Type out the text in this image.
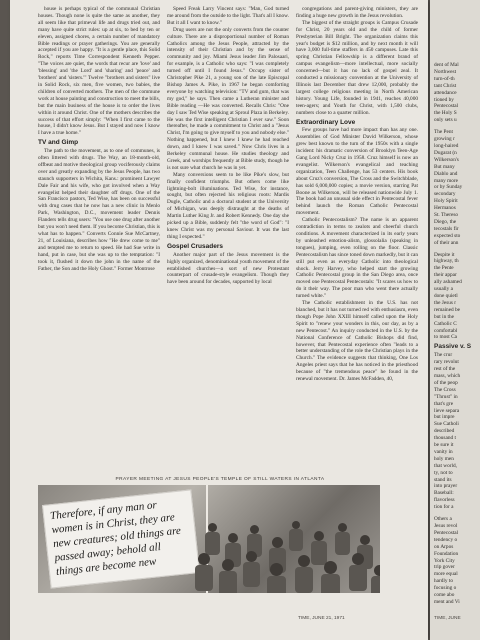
house is perhaps typical of the communal Christian houses. Though none is quite the same as another, they all seem like that primeval life and drugs tried out, and many have quite strict rules: up at six, to bed by ten or eleven, assigned chores, a certain number of mandatory Bible readings or prayer gatherings. You are generally accepted if you are happy. "It is a gentle place, this Solid Rock," reports Time Correspondent Kenneth Pepper. "The voices are quiet, the words that recur are 'love' and 'blessing' and 'the Lord' and 'sharing' and 'peace' and 'brothers' and 'sisters.'" Twelve "brothers and sisters" live in Solid Rock, six men, five women, two babies, the children of converted mothers. The men of the commune work at house painting and construction to meet the bills, but the main business of the house is to order the lives within it around Christ. One of the mothers describes the success of that effort simply: "When I first came to the house, I didn't know Jesus. But I stayed and now I know I have a true home."

TV and Gimp

The path to the movement, as to one of communes, is often littered with drugs. The Way, an 18-month-old, offbeat and motive theological group vociferously claims over and greatly expanding by the Jesus People, has two staunch supporters in Wichita, Kans.: prominent Lawyer Dale Fair and his wife, who got involved when a Way evangelist helped their daughter off drugs. One of the San Francisco pastors, Ted Wise, has been on successful with drug cases that he now has a new clinic in Menlo Park, Washington, D.C., movement leader Dennis Flanders tells drug users: "You use one drug after another but you won't need them. If you become Christian, this is what has to happen." Converts Connie Sue McCartney, 21, of Louisiana, describes how "He drew come to me" and tempted me to return to speed. He had Sue write in hand, put in case, but she was up to the temptation: "I took it, flushed it down the john in the name of the Father, the Son and the Holy Ghost." Former Montrose

Speed Freak Larry Vincent says: "Man, God turned me around from the outside to the light. That's all I know. But it all I want to know."

Drug users are not the only converts from the counter culture. There are a disproportional number of Roman Catholics among the Jesus People, attracted by the intensity of their Christian and by the sense of community and joy. Miami Jesus leader Jim Palosaari, for example, is a Catholic who says: "I was completely turned off until I found Jesus." Occupy sister of Christopher Pike 21, a young son of the late Episcopal Bishop James A. Pike, in 1967 he began comforting everyone by watching television: "TV and gum, that was my god," he says. Then came a Lutheran minister and Bible reading —He was converted. Recalls Chris: "One day I saw Ted Wise speaking at Sproul Plaza in Berkeley. He was the first intelligent Christian I ever saw." Soon thereafter, he made a commitment to Christ and a "Jesus Christ, I'm going to give myself to you and nobody else." Nothing happened, but I knew I knew he had reached down, and I knew I was saved." Now Chris lives in a Berkeley communal house. He studies theology and Greek, and worships frequently at Bible study, though he is not sure what church he was in yet.

Many conversions seem to be like Pike's slow, but finally confident triumphs. But others come like lightning-bolt illuminations. Ted Wise, for instance, sought, but often rejected his religious roots: Mardis Dugle, Catholic and a doctoral student at the University of Michigan, was deeply distraught at the deaths of Martin Luther King Jr. and Robert Kennedy. One day she picked up a Bible, suddenly felt "the word of God": "I knew Christ was my personal Saviour. It was the last thing I expected."

Gospel Crusaders

Another major part of the Jesus movement is the highly organized, denominational youth movement of the established churches—a sort of new Protestant counterpart of crusade-style evangelism. Though they have been around for decades, supported by local

congregations and parent-giving ministers, they are finding a huge new growth in the Jesus revolution.

The biggest of the straight groups is Campus Crusade for Christ, 20 years old and the child of former Presbyterian Bill Bright. The organization claims this year's budget is $12 million, and by next month it will have 3,000 full-time staffers in 450 campuses. Late this spring Christian Fellowship is a different brand of campus evangelism—more intellectual, more socially concerned—but it has no lack of gospel zeal. It conducted a missionary convention at the University of Illinois last December that drew 12,000, probably the largest college religious meeting in North American history. Young Life, founded in 1941, reaches 40,000 teen-agers; and Youth for Christ, with 1,500 clubs, numbers close to a quarter million.

Extraordinary Love

Few groups have had more impact than has any one. Assemblies of God Minister David Wilkerson, whose grew best known to the turn of the 1950s with a single incident: his dramatic conversion of Brooklyn Teen-Age Gang Lord Nicky Cruz in 1958. Cruz himself is now an evangelist. Wilkerson's evangelical and teaching organization, Teen Challenge, has 53 centers. His book about Cruz's conversion, The Cross and the Switchblade, has sold 6,000,000 copies; a movie version, starring Pat Boone as Wilkerson, will be released nationwide July 1. The book had an unusual side effect in Pentecostal fever behind launch the Roman Catholic Pentecostal movement.

Catholic Pentecostalism? The name is an apparent contradiction in terms to zealots and cheerful church conditions. A movement characterized in its early years by unleashed emotion-alism, glossolalia (speaking in tongues), jumping, even rolling on the floor. Classic Pentecostalism has since toned down markedly, but it can still put even as everyday Catholic into theological shock. Jerry Harvey, who helped start the growing Catholic Pentecostal group in the San Diego area, once moved one Pentecostal Pentecostals: "It scares us how to do it their way. The poor man who went there actually turned white."

The Catholic establishment in the U.S. has not blanched, but it has not turned red with enthusiasm, even though Pope John XXIII himself called upon the Holy Spirit to "renew your wonders in this, our day, as by a new Pentecost." An inquiry conducted in the U.S. by the National Conference of Catholic Bishops did find, however, that Pentecostal experience often "leads to a better understanding of the role the Christian plays in the Church." The evidence suggests that thinking, One Los Angeles priest says that he has noticed in the priesthood because of "the tremendous peace" he found in the renewal movement. Dr. James McFadden, 40,

PRAYER MEETING AT JESUS PEOPLE'S TEMPLE OF STILL WATERS IN ATLANTA
Therefore, if any man or women is in Christ, they are new creatures; old things are passed away; behold all things are become new
TIME, JUNE 21, 1971
dent of Mal
Northwest
turn-of-th
tant Christ
attendance
tioned by
Pentecostal
the Holy S
only sets u
The Pent
growing r
long-haired
Dugarat (n
Wilkerson's
But many
Diablo and
many more
or by Sunday
secondary
Holy Spirit
Hermanos
St. Thereso
Diego, the
tecostals fir
expected sto
of their ann
Despite it
highway, th
the Pente
their appar
ally ashamed
usually a
done quietl
the Jesus r
remained be
but in the
Catholic C
comfortabl
to most Ca
Passive v. S
The crur
rary revolut
rest of the
mass, which
of the peop
The Cross
"Thrust" in
that's gre
lieve separa
but impre
Sue Catholi
described
thousand t
be sure it
vanity in
holy men
that world,
ty, not to
stand its
into prayer
Baseball:
flavorless
tion for a
Others a
Jesus revol
Pentecostal
tendency o
on Arpos
Foundation
York City
trip gover
more equal
hardly to
focusing o
come abo
ment and Vi
TIME, JUNE
